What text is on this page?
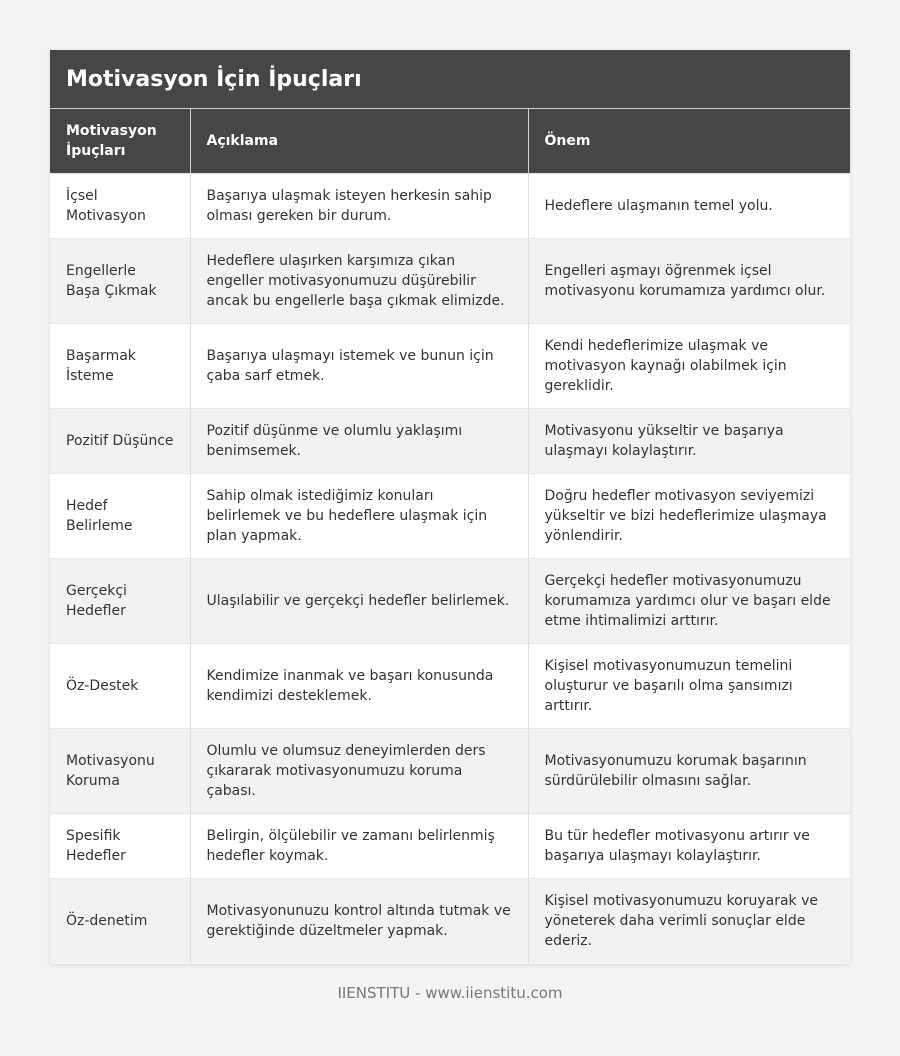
Motivasyon İçin İpuçları
Motivasyon İpuçları	Açıklama	Önem
İçsel Motivasyon	Başarıya ulaşmak isteyen herkesin sahip olması gereken bir durum.	Hedeflere ulaşmanın temel yolu.
Engellerle Başa Çıkmak	Hedeflere ulaşırken karşımıza çıkan engeller motivasyonumuzu düşürebilir ancak bu engellerle başa çıkmak elimizde.	Engelleri aşmayı öğrenmek içsel motivasyonu korumamıza yardımcı olur.
Başarmak İsteme	Başarıya ulaşmayı istemek ve bunun için çaba sarf etmek.	Kendi hedeflerimize ulaşmak ve motivasyon kaynağı olabilmek için gereklidir.
Pozitif Düşünce	Pozitif düşünme ve olumlu yaklaşımı benimsemek.	Motivasyonu yükseltir ve başarıya ulaşmayı kolaylaştırır.
Hedef Belirleme	Sahip olmak istediğimiz konuları belirlemek ve bu hedeflere ulaşmak için plan yapmak.	Doğru hedefler motivasyon seviyemizi yükseltir ve bizi hedeflerimize ulaşmaya yönlendirir.
Gerçekçi Hedefler	Ulaşılabilir ve gerçekçi hedefler belirlemek.	Gerçekçi hedefler motivasyonumuzu korumamıza yardımcı olur ve başarı elde etme ihtimalimizi arttırır.
Öz-Destek	Kendimize inanmak ve başarı konusunda kendimizi desteklemek.	Kişisel motivasyonumuzun temelini oluşturur ve başarılı olma şansımızı arttırır.
Motivasyonu Koruma	Olumlu ve olumsuz deneyimlerden ders çıkararak motivasyonumuzu koruma çabası.	Motivasyonumuzu korumak başarının sürdürülebilir olmasını sağlar.
Spesifik Hedefler	Belirgin, ölçülebilir ve zamanı belirlenmiş hedefler koymak.	Bu tür hedefler motivasyonu artırır ve başarıya ulaşmayı kolaylaştırır.
Öz-denetim	Motivasyonunuzu kontrol altında tutmak ve gerektiğinde düzeltmeler yapmak.	Kişisel motivasyonumuzu koruyarak ve yöneterek daha verimli sonuçlar elde ederiz.
IIENSTITU - www.iienstitu.com
